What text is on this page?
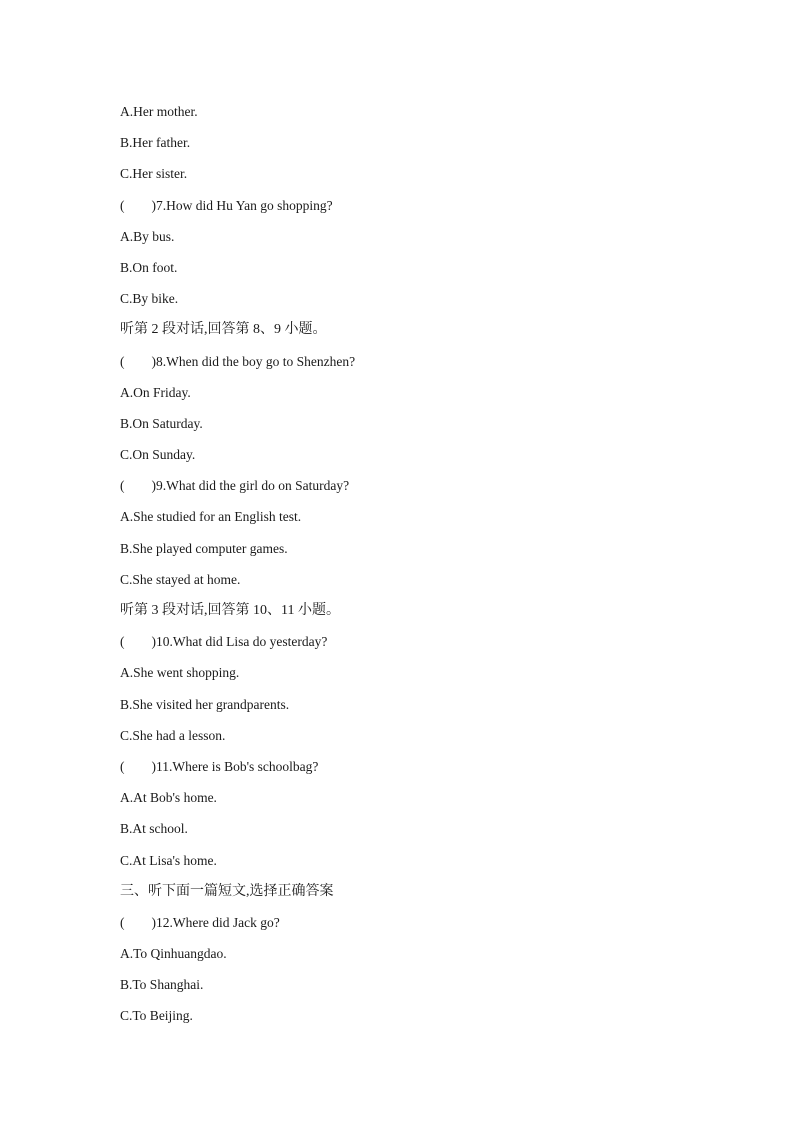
A.Her mother.
B.Her father.
C.Her sister.
(        )7.How did Hu Yan go shopping?
A.By bus.
B.On foot.
C.By bike.
听第 2 段对话,回答第 8、9 小题。
(        )8.When did the boy go to Shenzhen?
A.On Friday.
B.On Saturday.
C.On Sunday.
(        )9.What did the girl do on Saturday?
A.She studied for an English test.
B.She played computer games.
C.She stayed at home.
听第 3 段对话,回答第 10、11 小题。
(        )10.What did Lisa do yesterday?
A.She went shopping.
B.She visited her grandparents.
C.She had a lesson.
(        )11.Where is Bob's schoolbag?
A.At Bob's home.
B.At school.
C.At Lisa's home.
三、听下面一篇短文,选择正确答案
(        )12.Where did Jack go?
A.To Qinhuangdao.
B.To Shanghai.
C.To Beijing.
